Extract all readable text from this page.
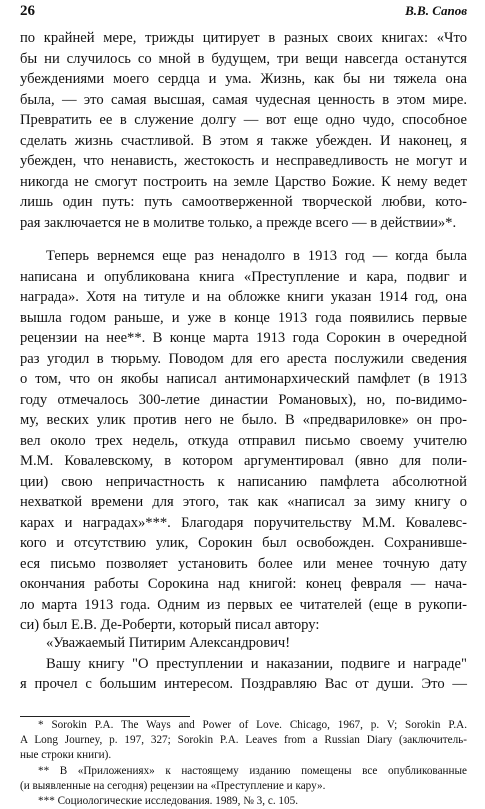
26	В.В. Сапов
по крайней мере, трижды цитирует в разных своих книгах: «Что
бы ни случилось со мной в будущем, три вещи навсегда останутся
убеждениями моего сердца и ума. Жизнь, как бы ни тяжела она
была, — это самая высшая, самая чудесная ценность в этом мире.
Превратить ее в служение долгу — вот еще одно чудо, способное
сделать жизнь счастливой. В этом я также убежден. И наконец, я
убежден, что ненависть, жестокость и несправедливость не могут и
никогда не смогут построить на земле Царство Божие. К нему ведет
лишь один путь: путь самоотверженной творческой любви, кото-
рая заключается не в молитве только, а прежде всего — в действии»*.
Теперь вернемся еще раз ненадолго в 1913 год — когда была
написана и опубликована книга «Преступление и кара, подвиг и
награда». Хотя на титуле и на обложке книги указан 1914 год, она
вышла годом раньше, и уже в конце 1913 года появились первые
рецензии на нее**. В конце марта 1913 года Сорокин в очередной
раз угодил в тюрьму. Поводом для его ареста послужили сведения
о том, что он якобы написал антимонархический памфлет (в 1913
году отмечалось 300-летие династии Романовых), но, по-видимо-
му, веских улик против него не было. В «предвариловке» он про-
вел около трех недель, откуда отправил письмо своему учителю
М.М. Ковалевскому, в котором аргументировал (явно для поли-
ции) свою непричастность к написанию памфлета абсолютной
нехваткой времени для этого, так как «написал за зиму книгу о
карах и наградах»***. Благодаря поручительству М.М. Ковалевс-
кого и отсутствию улик, Сорокин был освобожден. Сохранивше-
еся письмо позволяет установить более или менее точную дату
окончания работы Сорокина над книгой: конец февраля — нача-
ло марта 1913 года. Одним из первых ее читателей (еще в рукопи-
си) был Е.В. Де-Роберти, который писал автору:
«Уважаемый Питирим Александрович!
Вашу книгу "О преступлении и наказании, подвиге и награде"
я прочел с большим интересом. Поздравляю Вас от души. Это —
* Sorokin P.A. The Ways and Power of Love. Chicago, 1967, p. V; Sorokin P.A.
A Long Journey, p. 197, 327; Sorokin P.A. Leaves from a Russian Diary (заключитель-
ные строки книги).
** В «Приложениях» к настоящему изданию помещены все опубликованные
(и выявленные на сегодня) рецензии на «Преступление и кару».
*** Социологические исследования. 1989, № 3, с. 105.
